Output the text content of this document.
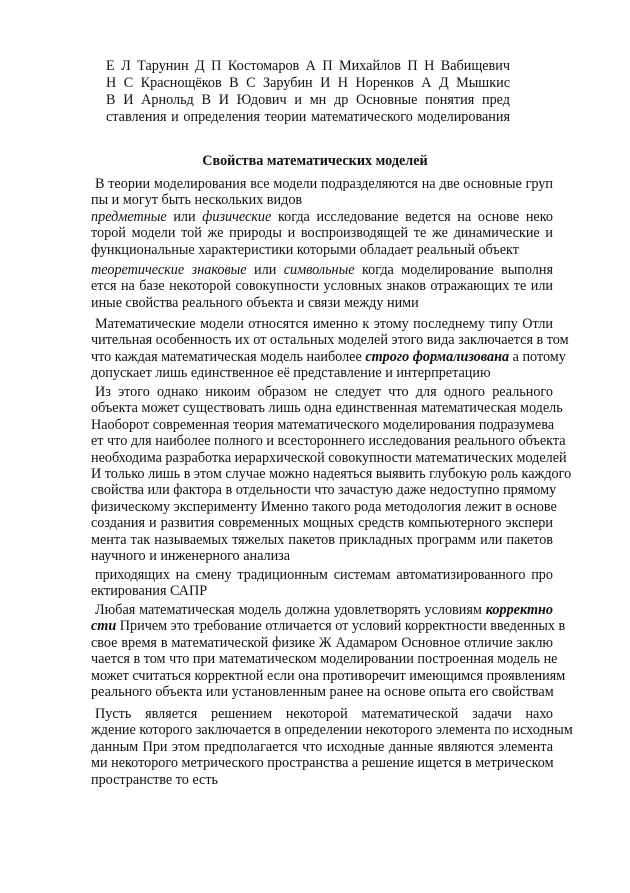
Е Л Тарунин Д П Костомаров А П Михайлов П Н Вабищевич
Н С Краснощёков В С Зарубин И Н Норенков А Д Мышкис
В И Арнольд В И Юдович и мн др Основные понятия пред
ставления и определения теории математического моделирования
Свойства математических моделей
В теории моделирования все модели подразделяются на две основные груп
пы и могут быть нескольких видов
предметные или физические когда исследование ведется на основе неко
торой модели той же природы и воспроизводящей те же динамические и
функциональные характеристики которыми обладает реальный объект
теоретические знаковые или символьные когда моделирование выполня
ется на базе некоторой совокупности условных знаков отражающих те или
иные свойства реального объекта и связи между ними
Математические модели относятся именно к этому последнему типу Отли
чительная особенность их от остальных моделей этого вида заключается в том
что каждая математическая модель наиболее строго формализована а потому
допускает лишь единственное её представление и интерпретацию
Из этого однако никоим образом не следует что для одного реального
объекта может существовать лишь одна единственная математическая модель
Наоборот современная теория математического моделирования подразумева
ет что для наиболее полного и всестороннего исследования реального объекта
необходима разработка иерархической совокупности математических моделей
И только лишь в этом случае можно надеяться выявить глубокую роль каждого
свойства или фактора в отдельности что зачастую даже недоступно прямому
физическому эксперименту Именно такого рода методология лежит в основе
создания и развития современных мощных средств компьютерного экспери
мента так называемых тяжелых пакетов прикладных программ или пакетов
научного и инженерного анализа
приходящих на смену традиционным системам автоматизированного про
ектирования САПР
Любая математическая модель должна удовлетворять условиям корректно
сти Причем это требование отличается от условий корректности введенных в
свое время в математической физике Ж Адамаром Основное отличие заклю
чается в том что при математическом моделировании построенная модель не
может считаться корректной если она противоречит имеющимся проявлениям
реального объекта или установленным ранее на основе опыта его свойствам
Пусть является решением некоторой математической задачи нахо
ждение которого заключается в определении некоторого элемента по исходным
данным При этом предполагается что исходные данные являются элемента
ми некоторого метрического пространства а решение ищется в метрическом
пространстве то есть
